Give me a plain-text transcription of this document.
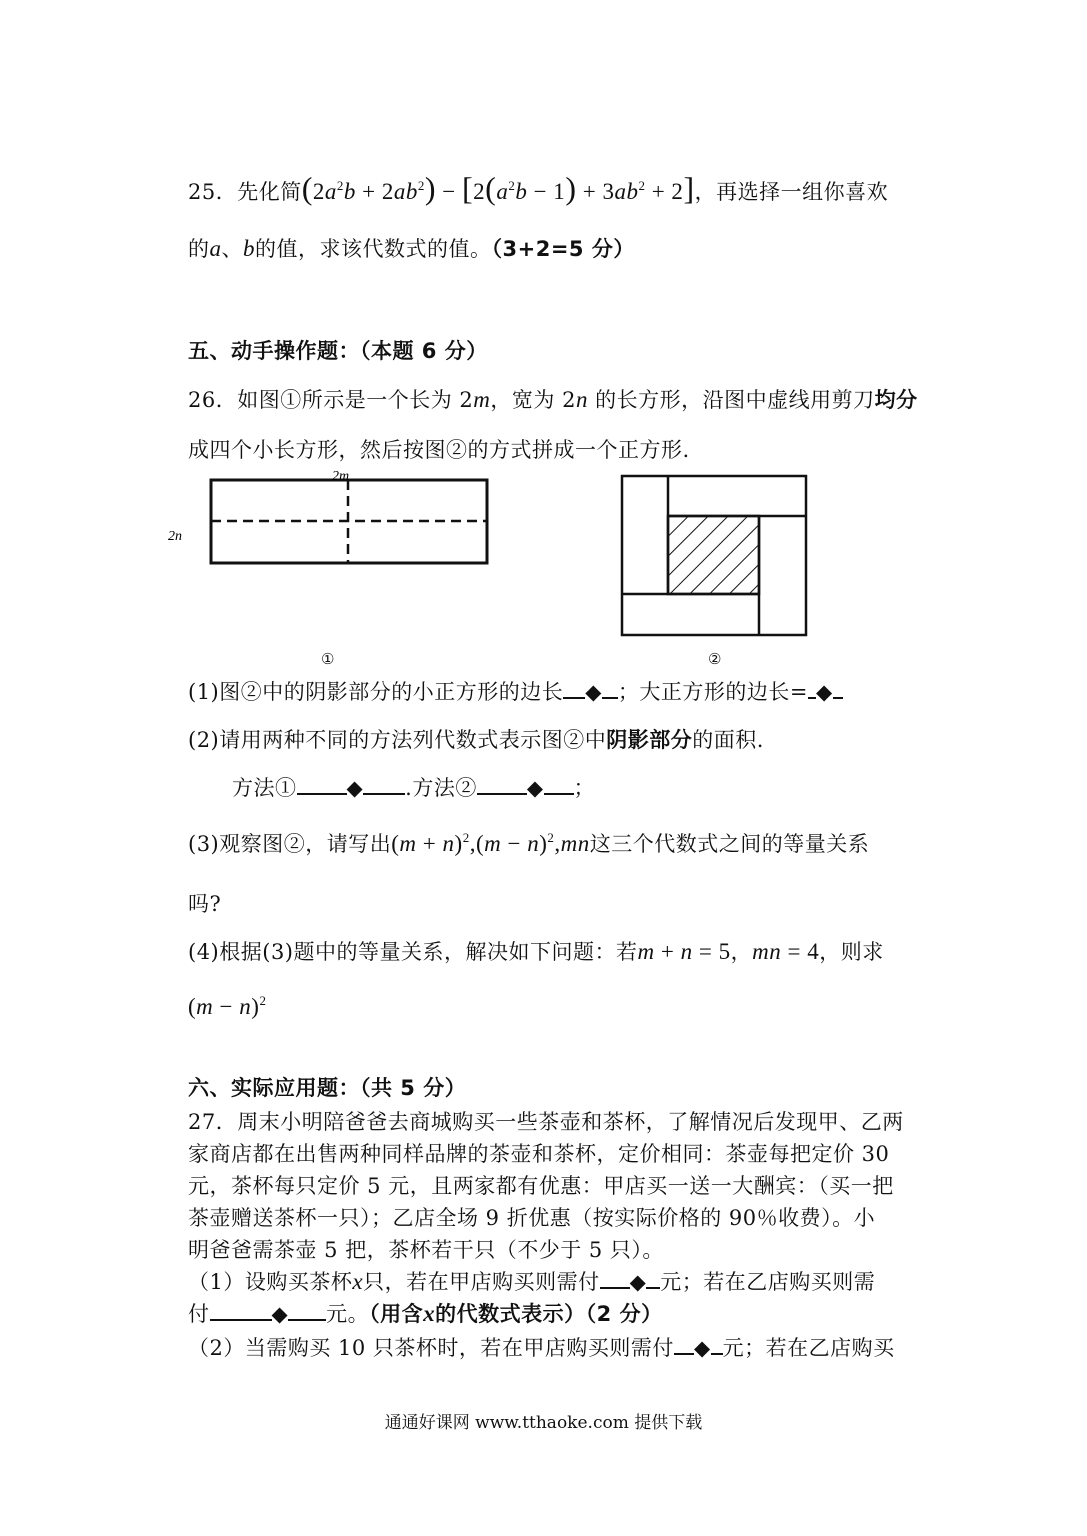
25．先化简$(2a^2b + 2ab^2) - [2(a^2b - 1) + 3ab^2 + 2]$，再选择一组你喜欢
的a、b的值，求该代数式的值。（3+2=5 分）
五、动手操作题：（本题 6 分）
26．如图①所示是一个长为 2m，宽为 2n 的长方形，沿图中虚线用剪刀均分
成四个小长方形，然后按图②的方式拼成一个正方形.
2m
2n
①	②
(1)图②中的阴影部分的小正方形的边长 ◆ ；大正方形的边长= ◆
(2)请用两种不同的方法列代数式表示图②中阴影部分的面积.
方法① ◆ .方法② ◆ ；
(3)观察图②，请写出$(m + n)^2,(m - n)^2,mn$这三个代数式之间的等量关系
吗?
(4)根据(3)题中的等量关系，解决如下问题：若m + n = 5，mn = 4，则求
$(m - n)^2$
六、实际应用题：（共 5 分）
27．周末小明陪爸爸去商城购买一些茶壶和茶杯，了解情况后发现甲、乙两
家商店都在出售两种同样品牌的茶壶和茶杯，定价相同：茶壶每把定价 30
元，茶杯每只定价 5 元，且两家都有优惠：甲店买一送一大酬宾：（买一把
茶壶赠送茶杯一只）；乙店全场 9 折优惠（按实际价格的 90％收费）。小
明爸爸需茶壶 5 把，茶杯若干只（不少于 5 只）。
（1）设购买茶杯x只，若在甲店购买则需付 ◆ 元；若在乙店购买则需
付	◆ 元。（用含x的代数式表示）（2 分）
（2）当需购买 10 只茶杯时，若在甲店购买则需付 ◆ 元；若在乙店购买
通通好课网 www.tthaoke.com 提供下载
